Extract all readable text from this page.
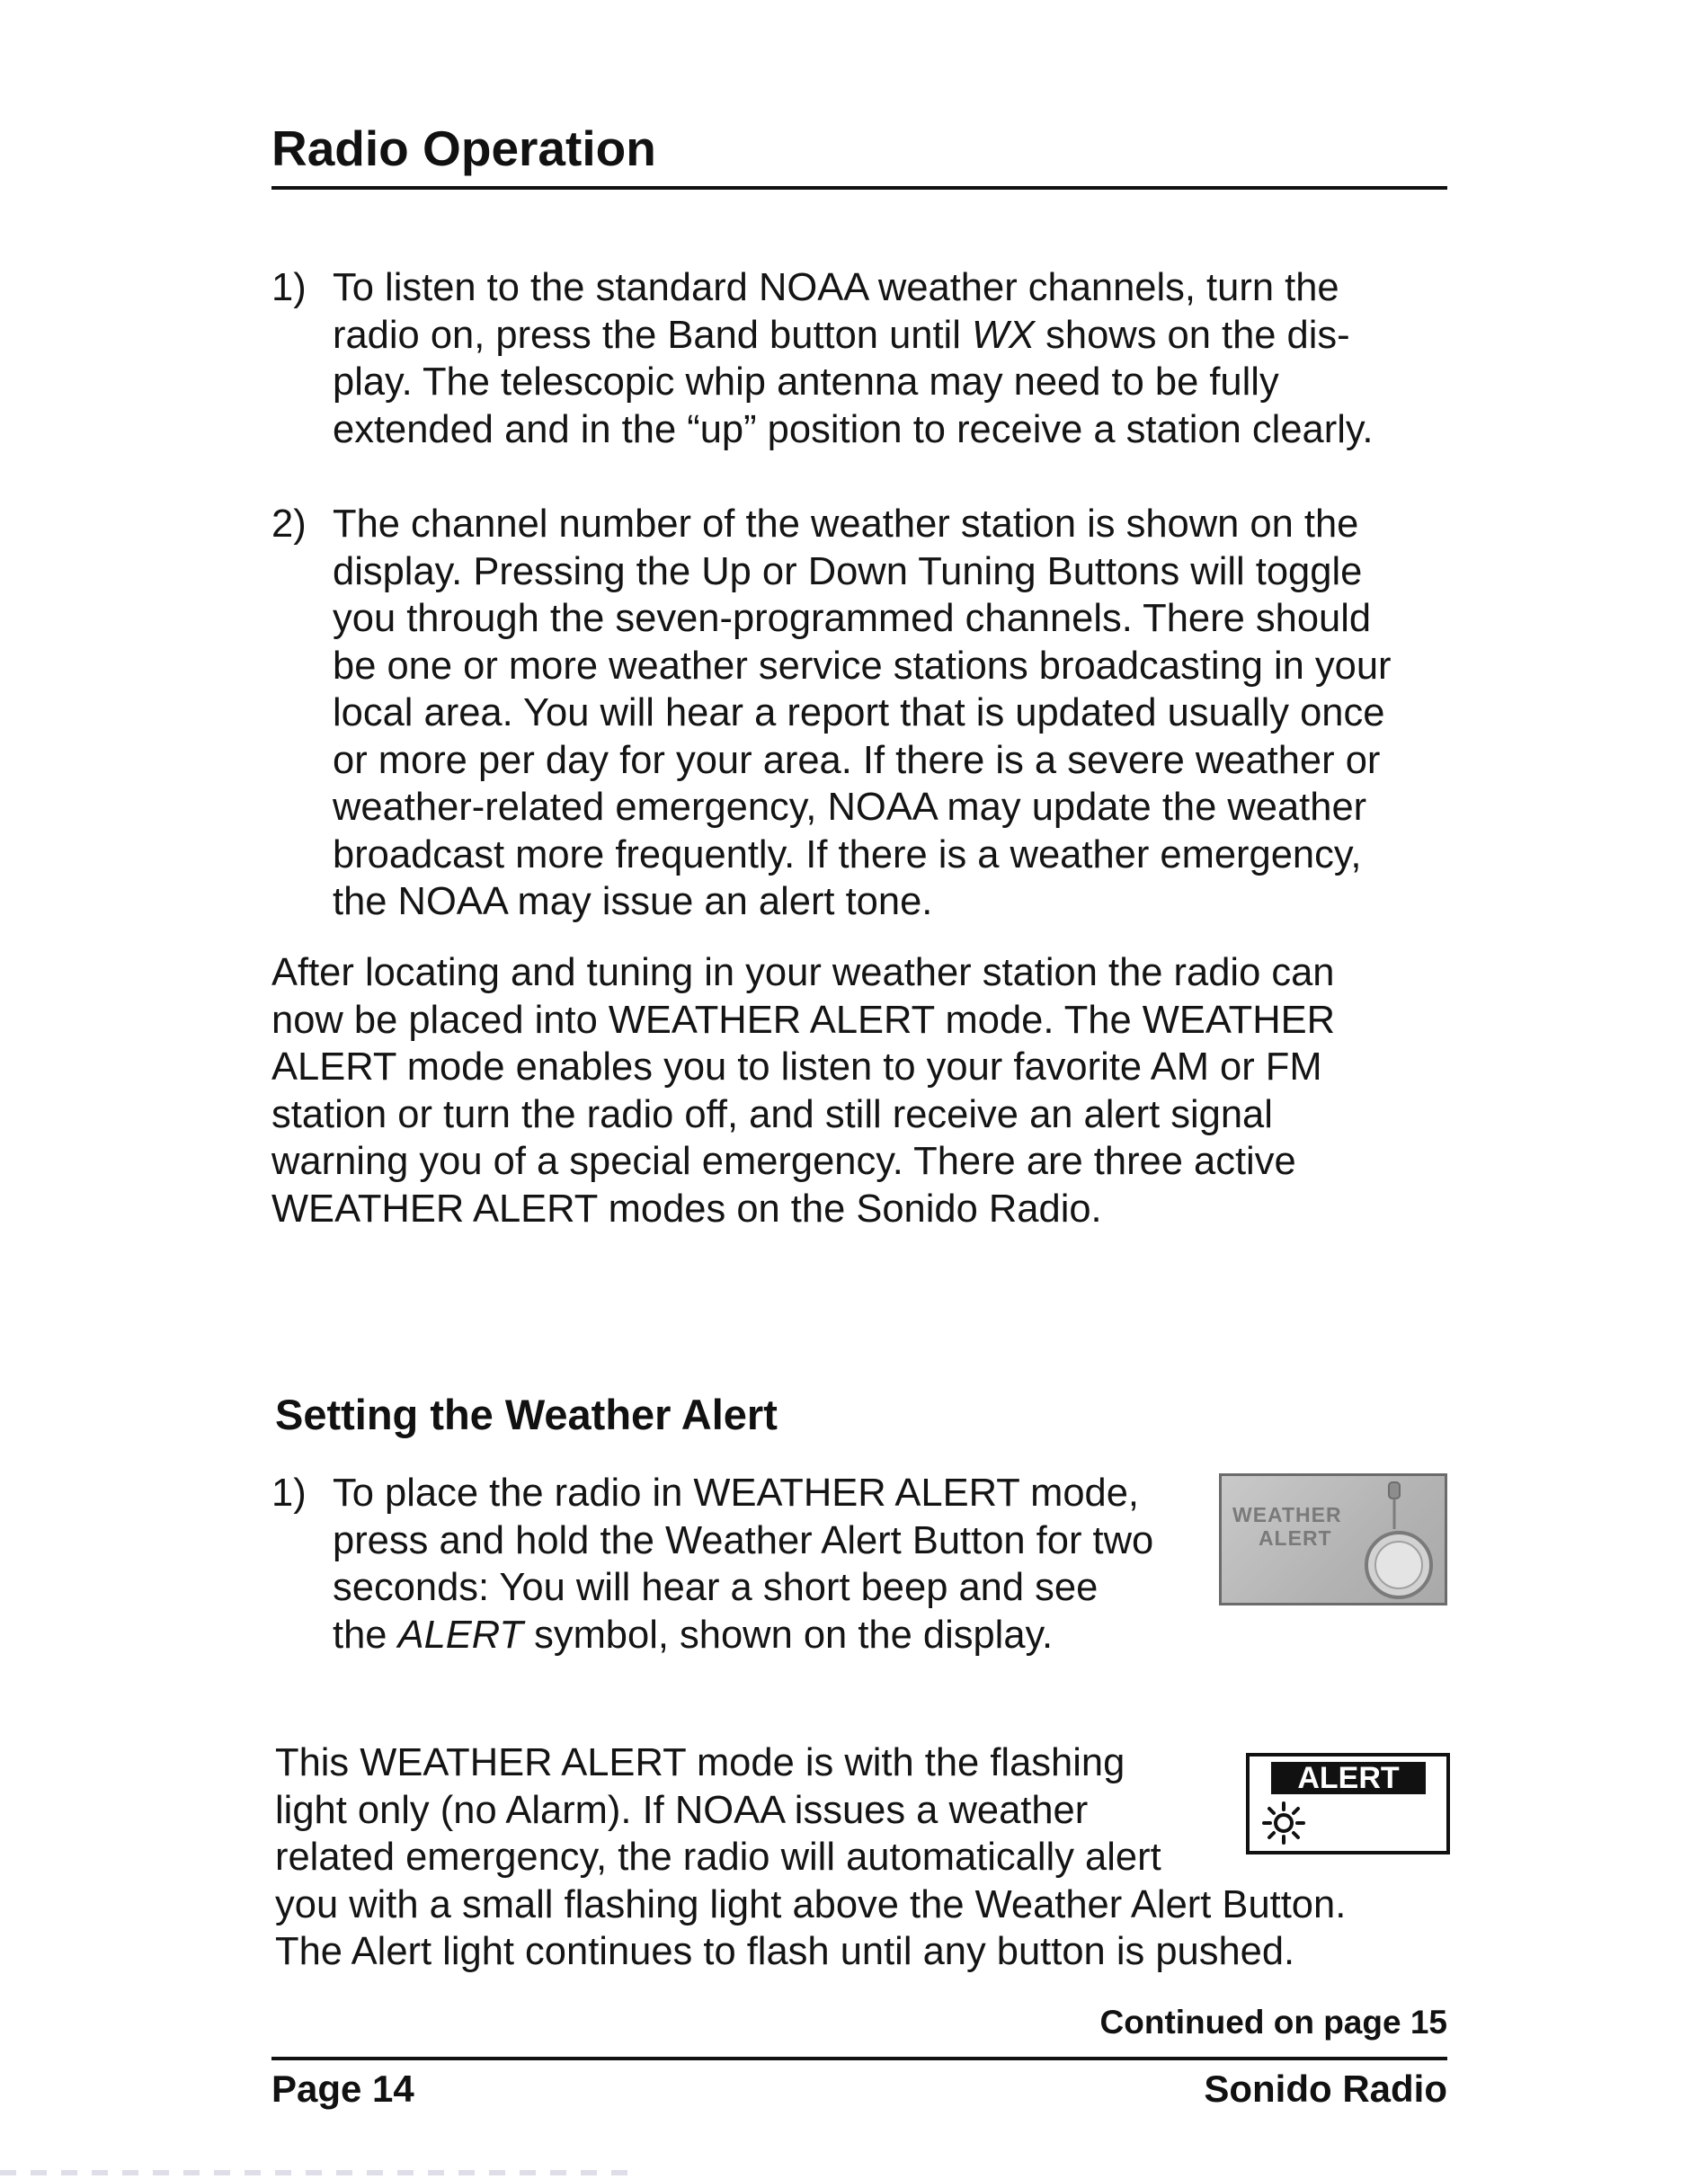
Radio Operation
1) To listen to the standard NOAA weather channels, turn the
radio on, press the Band button until WX shows on the dis-
play. The telescopic whip antenna may need to be fully
extended and in the “up” position to receive a station clearly.
2) The channel number of the weather station is shown on the
display. Pressing the Up or Down Tuning Buttons will toggle
you through the seven-programmed channels. There should
be one or more weather service stations broadcasting in your
local area. You will hear a report that is updated usually once
or more per day for your area. If there is a severe weather or
weather-related emergency, NOAA may update the weather
broadcast more frequently. If there is a weather emergency,
the NOAA may issue an alert tone.
After locating and tuning in your weather station the radio can
now be placed into WEATHER ALERT mode. The WEATHER
ALERT mode enables you to listen to your favorite AM or FM
station or turn the radio off, and still receive an alert signal
warning you of a special emergency. There are three active
WEATHER ALERT modes on the Sonido Radio.
Setting the Weather Alert
1) To place the radio in WEATHER ALERT mode,
press and hold the Weather Alert Button for two
seconds: You will hear a short beep and see
the ALERT symbol, shown on the display.
WEATHER
ALERT
This WEATHER ALERT mode is with the flashing
light only (no Alarm). If NOAA issues a weather
related emergency, the radio will automatically alert
you with a small flashing light above the Weather Alert Button.
The Alert light continues to flash until any button is pushed.
ALERT
Continued on page 15
Page 14	Sonido Radio
